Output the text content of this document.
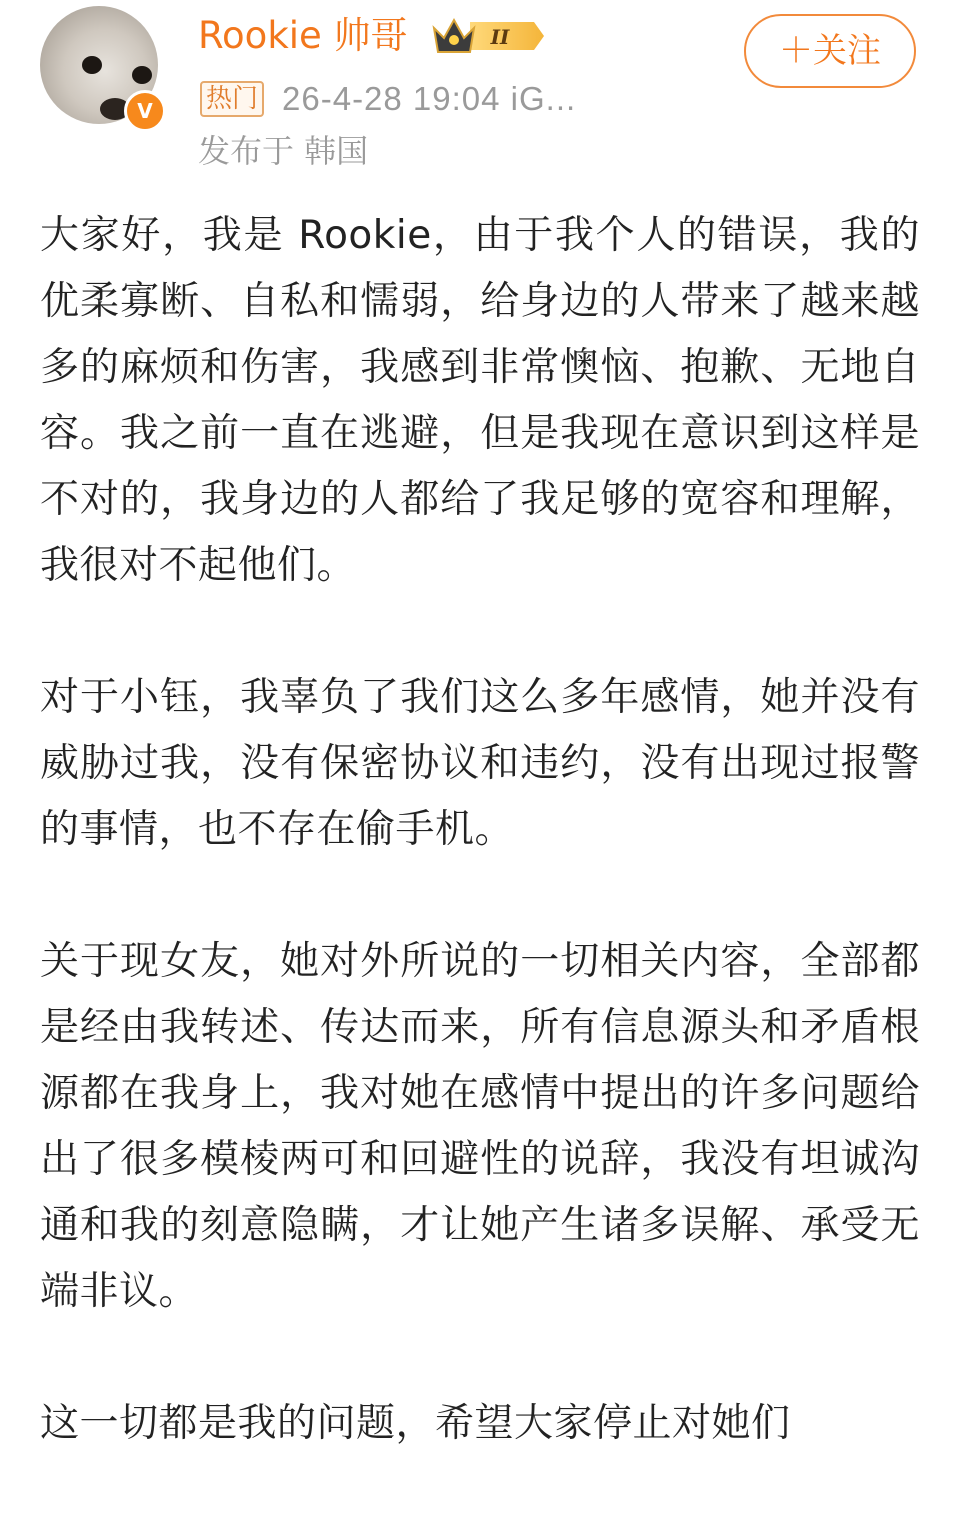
V
Rookie 帅哥	II
热门 26-4-28 19:04 iG...
发布于 韩国
＋关注

大家好，我是 Rookie，由于我个人的错误，我的优柔寡断、自私和懦弱，给身边的人带来了越来越多的麻烦和伤害，我感到非常懊恼、抱歉、无地自容。我之前一直在逃避，但是我现在意识到这样是不对的，我身边的人都给了我足够的宽容和理解，我很对不起他们。

对于小钰，我辜负了我们这么多年感情，她并没有威胁过我，没有保密协议和违约，没有出现过报警的事情，也不存在偷手机。

关于现女友，她对外所说的一切相关内容，全部都是经由我转述、传达而来，所有信息源头和矛盾根源都在我身上，我对她在感情中提出的许多问题给出了很多模棱两可和回避性的说辞，我没有坦诚沟通和我的刻意隐瞒，才让她产生诸多误解、承受无端非议。

这一切都是我的问题，希望大家停止对她们
